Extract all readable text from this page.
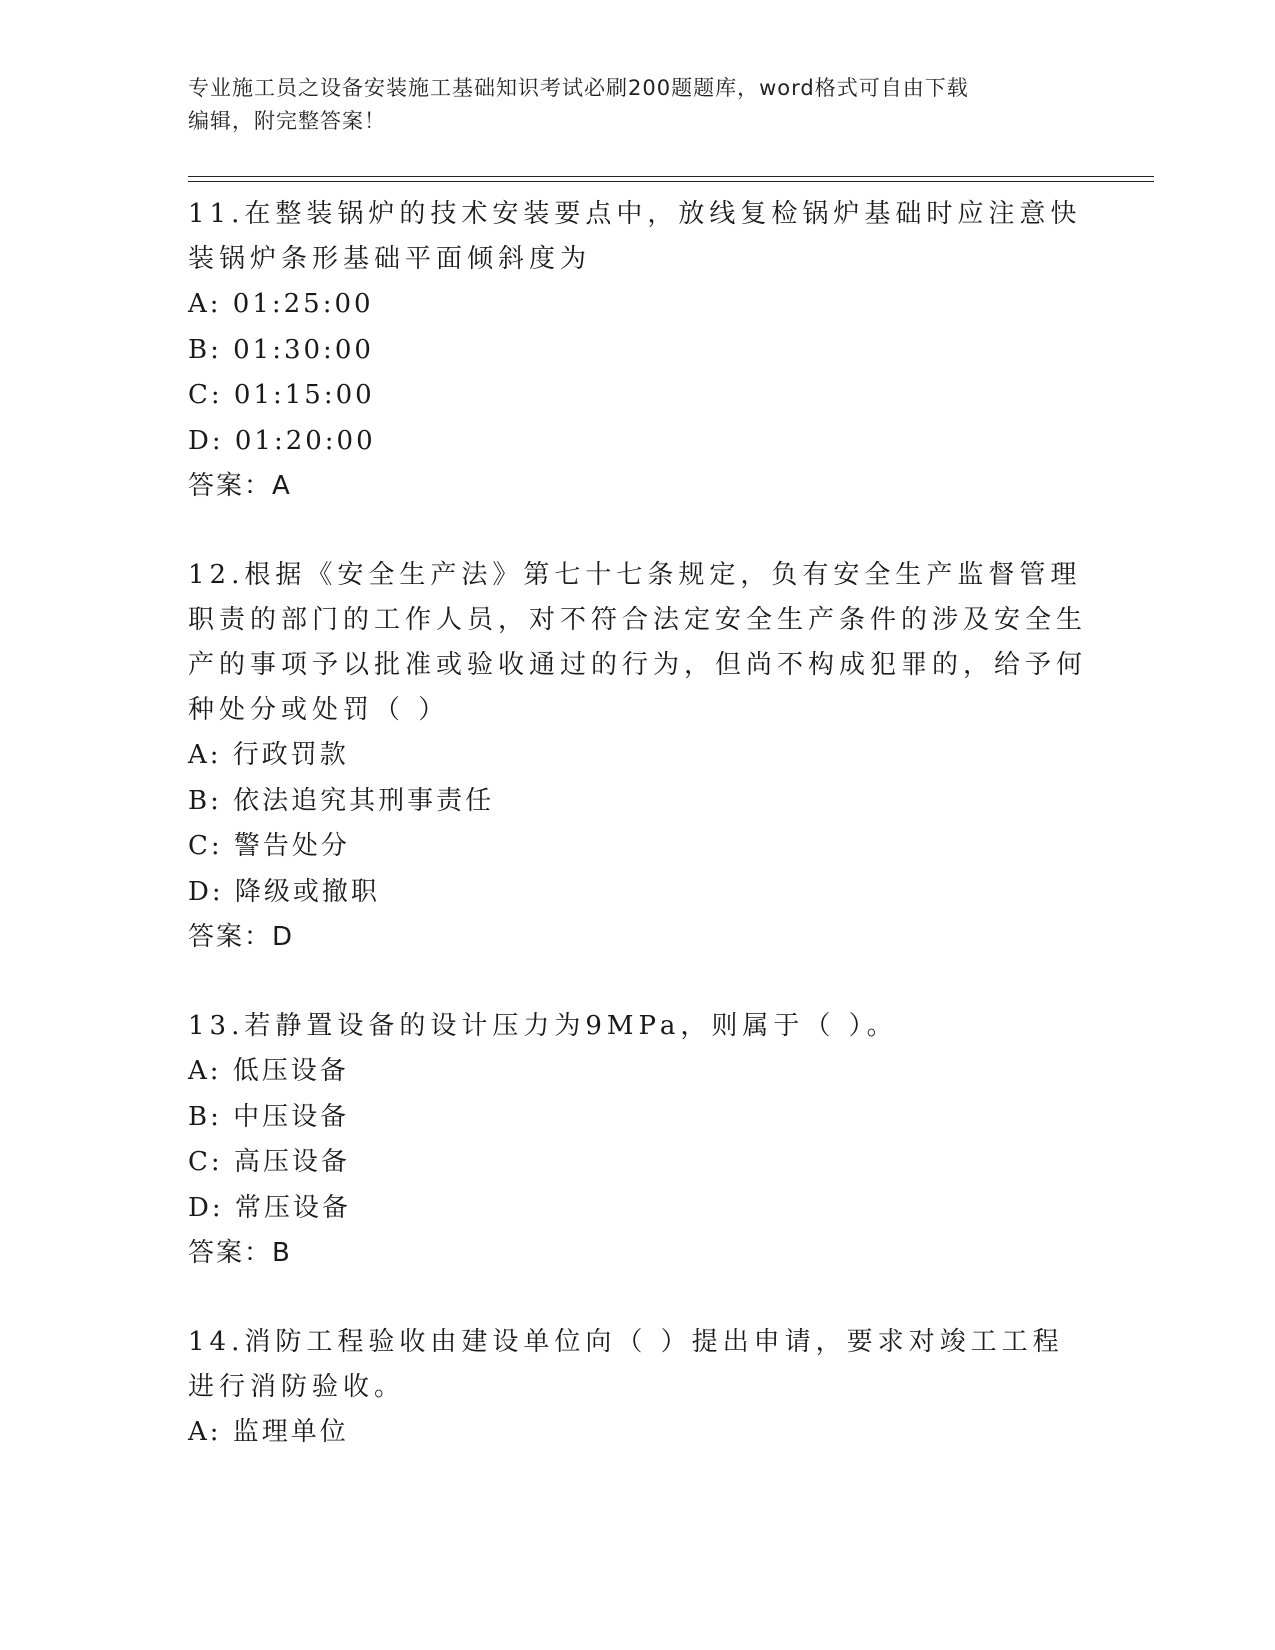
专业施工员之设备安装施工基础知识考试必刷200题题库，word格式可自由下载
编辑，附完整答案！

11.在整装锅炉的技术安装要点中，放线复检锅炉基础时应注意快装锅炉条形基础平面倾斜度为

A: 01:25:00

B: 01:30:00

C: 01:15:00

D: 01:20:00

答案：A

12.根据《安全生产法》第七十七条规定，负有安全生产监督管理职责的部门的工作人员，对不符合法定安全生产条件的涉及安全生产的事项予以批准或验收通过的行为，但尚不构成犯罪的，给予何种处分或处罚（ ）

A: 行政罚款

B: 依法追究其刑事责任

C: 警告处分

D: 降级或撤职

答案：D

13.若静置设备的设计压力为9MPa，则属于（ ）。

A: 低压设备

B: 中压设备

C: 高压设备

D: 常压设备

答案：B

14.消防工程验收由建设单位向（ ）提出申请，要求对竣工工程进行消防验收。

A: 监理单位
